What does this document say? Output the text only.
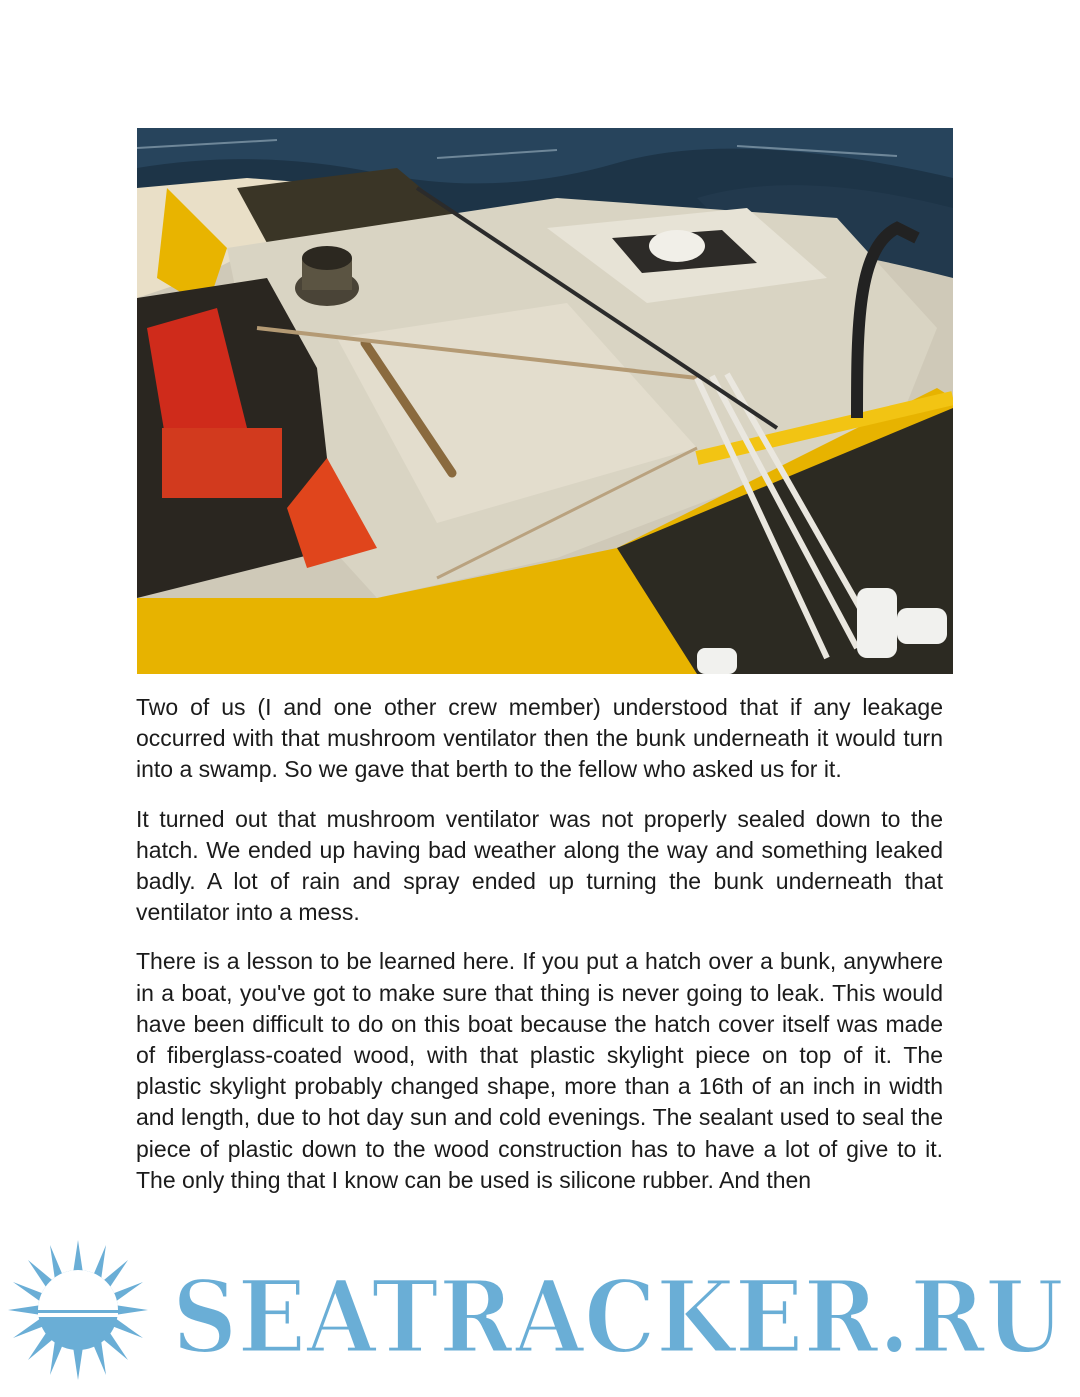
Two of us (I and one other crew member) understood that if any leakage occurred with that mushroom ventilator then the bunk underneath it would turn into a swamp. So we gave that berth to the fellow who asked us for it.

It turned out that mushroom ventilator was not properly sealed down to the hatch. We ended up having bad weather along the way and something leaked badly. A lot of rain and spray ended up turning the bunk underneath that ventilator into a mess.

There is a lesson to be learned here. If you put a hatch over a bunk, anywhere in a boat, you've got to make sure that thing is never going to leak. This would have been difficult to do on this boat because the hatch cover itself was made of fiberglass-coated wood, with that plastic skylight piece on top of it. The plastic skylight probably changed shape, more than a 16th of an inch in width and length, due to hot day sun and cold evenings. The sealant used to seal the piece of plastic down to the wood construction has to have a lot of give to it. The only thing that I know can be used is silicone rubber. And then

SEATRACKER.RU
